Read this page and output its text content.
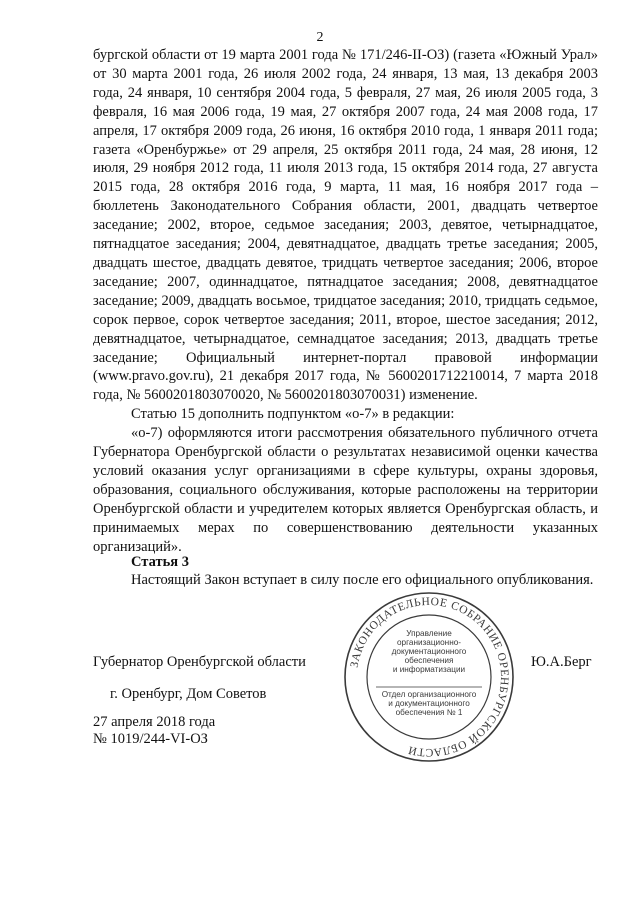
2

бургской области от 19 марта 2001 года № 171/246-II-ОЗ) (газета «Южный Урал» от 30 марта 2001 года, 26 июля 2002 года, 24 января, 13 мая, 13 декабря 2003 года, 24 января, 10 сентября 2004 года, 5 февраля, 27 мая, 26 июля 2005 года, 3 февраля, 16 мая 2006 года, 19 мая, 27 октября 2007 года, 24 мая 2008 года, 17 апреля, 17 октября 2009 года, 26 июня, 16 октября 2010 года, 1 января 2011 года; газета «Оренбуржье» от 29 апреля, 25 октября 2011 года, 24 мая, 28 июня, 12 июля, 29 ноября 2012 года, 11 июля 2013 года, 15 октября 2014 года, 27 августа 2015 года, 28 октября 2016 года, 9 марта, 11 мая, 16 ноября 2017 года – бюллетень Законодательного Собрания области, 2001, двадцать четвертое заседание; 2002, второе, седьмое заседания; 2003, девятое, четырнадцатое, пятнадцатое заседания; 2004, девятнадцатое, двадцать третье заседания; 2005, двадцать шестое, двадцать девятое, тридцать четвертое заседания; 2006, второе заседание; 2007, одиннадцатое, пятнадцатое заседания; 2008, девятнадцатое заседание; 2009, двадцать восьмое, тридцатое заседания; 2010, тридцать седьмое, сорок первое, сорок четвертое заседания; 2011, второе, шестое заседания; 2012, девятнадцатое, четырнадцатое, семнадцатое заседания; 2013, двадцать третье заседание; Официальный интернет-портал правовой информации (www.pravo.gov.ru), 21 декабря 2017 года, № 5600201712210014, 7 марта 2018 года, № 5600201803070020, № 5600201803070031) изменение.

Статью 15 дополнить подпунктом «о-7» в редакции:

«о-7) оформляются итоги рассмотрения обязательного публичного отчета Губернатора Оренбургской области о результатах независимой оценки качества условий оказания услуг организациями в сфере культуры, охраны здоровья, образования, социального обслуживания, которые расположены на территории Оренбургской области и учредителем которых является Оренбургская область, и принимаемых мерах по совершенствованию деятельности указанных организаций».

Статья 3

Настоящий Закон вступает в силу после его официального опубликования.

Губернатор Оренбургской области	Ю.А.Берг
г. Оренбург, Дом Советов
27 апреля 2018 года
№ 1019/244-VI-ОЗ
ЗАКОНОДАТЕЛЬНОЕ СОБРАНИЕ ОРЕНБУРГСКОЙ ОБЛАСТИ
Управление
организационно-
документационного
обеспечения
и информатизации
Отдел организационного
и документационного
обеспечения № 1
